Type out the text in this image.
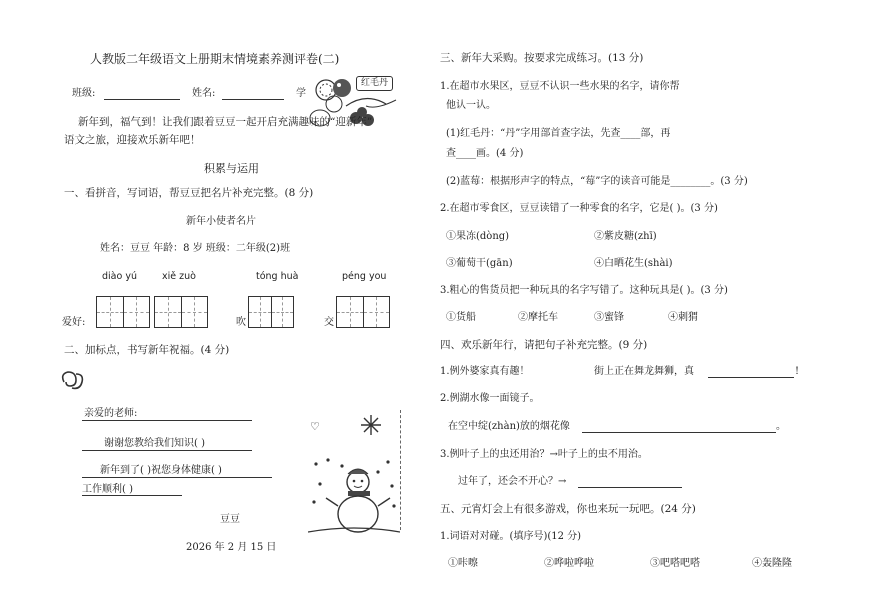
人教版二年级语文上册期末情境素养测评卷(二)
班级:	姓名:	学
红毛丹
新年到，福气到！让我们跟着豆豆一起开启充满趣味的“迎新年”
语文之旅，迎接欢乐新年吧！
积累与运用
一、看拼音，写词语，帮豆豆把名片补充完整。(8 分)
新年小使者名片
姓名：豆豆 年龄：8 岁 班级：二年级(2)班
diào yú	xiě zuò	tóng huà	péng you
爱好:	吹	交
二、加标点，书写新年祝福。(4 分)
亲爱的老师:
谢谢您教给我们知识( )
新年到了( )祝您身体健康( )
工作顺利( )
豆豆
2026 年 2 月 15 日
♡
三、新年大采购。按要求完成练习。(13 分)
1.在超市水果区，豆豆不认识一些水果的名字，请你帮
他认一认。
(1)红毛丹：“丹”字用部首查字法，先查____部，再
查____画。(4 分)
(2)蓝莓：根据形声字的特点，“莓”字的读音可能是________。(3 分)
2.在超市零食区，豆豆读错了一种零食的名字，它是( )。(3 分)
①果冻(dòng)	②紫皮糖(zhī)
③葡萄干(gān)	④白晒花生(shài)
3.粗心的售货员把一种玩具的名字写错了。这种玩具是( )。(3 分)
①货船	②摩托车	③蜜锋	④刺猬
四、欢乐新年行，请把句子补充完整。(9 分)
1.例外婆家真有趣！	街上正在舞龙舞狮，真	!
2.例湖水像一面镜子。
在空中绽(zhàn)放的烟花像	。
3.例叶子上的虫还用治？→叶子上的虫不用治。
过年了，还会不开心？→
五、元宵灯会上有很多游戏，你也来玩一玩吧。(24 分)
1.词语对对碰。(填序号)(12 分)
①咔嚓	②哗啦哗啦	③吧嗒吧嗒	④轰隆隆
